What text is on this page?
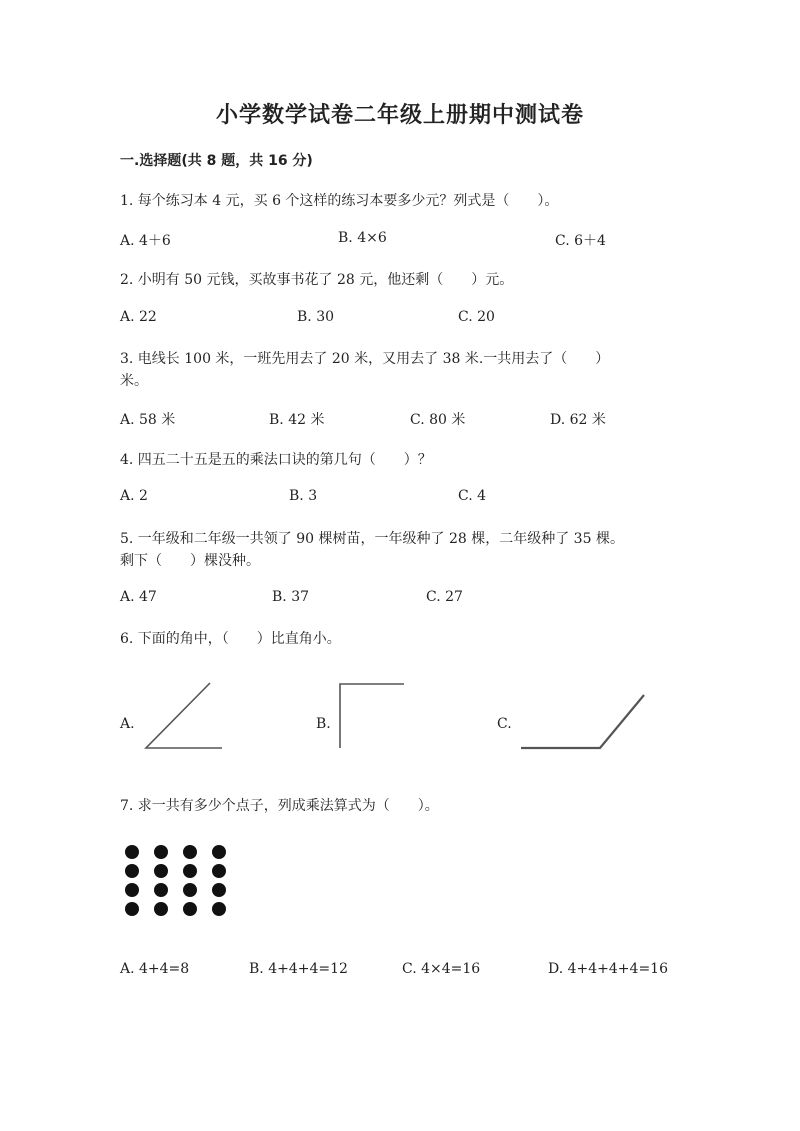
小学数学试卷二年级上册期中测试卷
一.选择题(共 8 题，共 16 分)
1. 每个练习本 4 元，买 6 个这样的练习本要多少元？列式是（　　）。
A. 4＋6	B. 4×6	C. 6＋4
2. 小明有 50 元钱，买故事书花了 28 元，他还剩（　　）元。
A. 22	B. 30	C. 20
3. 电线长 100 米，一班先用去了 20 米，又用去了 38 米.一共用去了（　　）
米。
A. 58 米	B. 42 米	C. 80 米	D. 62 米
4. 四五二十五是五的乘法口诀的第几句（　　）？
A. 2	B. 3	C. 4
5. 一年级和二年级一共领了 90 棵树苗，一年级种了 28 棵，二年级种了 35 棵。
剩下（　　）棵没种。
A. 47	B. 37	C. 27
6. 下面的角中，（　　）比直角小。
A.	B.	C.
7. 求一共有多少个点子，列成乘法算式为（　　）。
A. 4+4=8	B. 4+4+4=12	C. 4×4=16	D. 4+4+4+4=16
